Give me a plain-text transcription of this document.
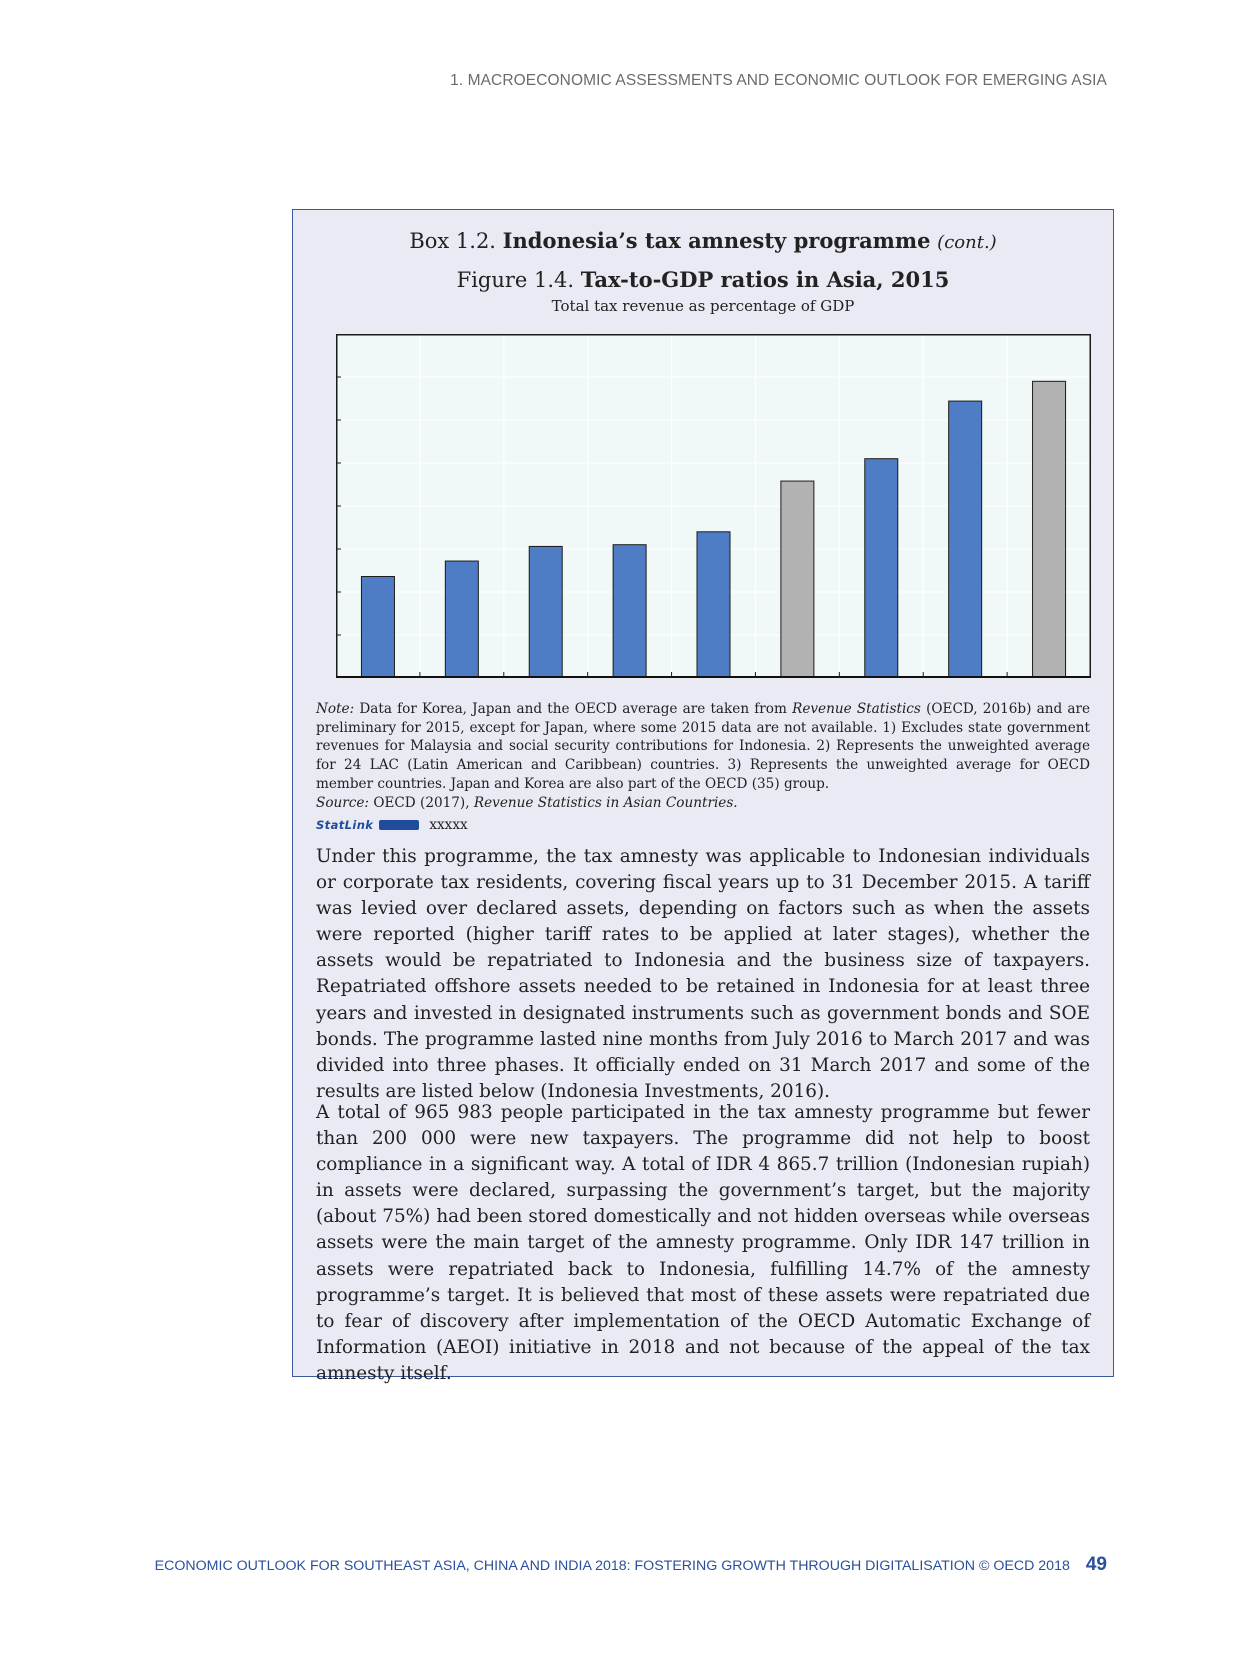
1. MACROECONOMIC ASSESSMENTS AND ECONOMIC OUTLOOK FOR EMERGING ASIA
Box 1.2. Indonesia’s tax amnesty programme (cont.)
Figure 1.4. Tax-to-GDP ratios in Asia, 2015
Total tax revenue as percentage of GDP
Note: Data for Korea, Japan and the OECD average are taken from Revenue Statistics (OECD, 2016b) and are preliminary for 2015, except for Japan, where some 2015 data are not available. 1) Excludes state government revenues for Malaysia and social security contributions for Indonesia. 2) Represents the unweighted average for 24 LAC (Latin American and Caribbean) countries. 3) Represents the unweighted average for OECD member countries. Japan and Korea are also part of the OECD (35) group.
Source: OECD (2017), Revenue Statistics in Asian Countries.
StatLink	xxxxx
Under this programme, the tax amnesty was applicable to Indonesian individuals or corporate tax residents, covering fiscal years up to 31 December 2015. A tariff was levied over declared assets, depending on factors such as when the assets were reported (higher tariff rates to be applied at later stages), whether the assets would be repatriated to Indonesia and the business size of taxpayers. Repatriated offshore assets needed to be retained in Indonesia for at least three years and invested in designated instruments such as government bonds and SOE bonds. The programme lasted nine months from July 2016 to March 2017 and was divided into three phases. It officially ended on 31 March 2017 and some of the results are listed below (Indonesia Investments, 2016).
A total of 965 983 people participated in the tax amnesty programme but fewer than 200 000 were new taxpayers. The programme did not help to boost compliance in a significant way. A total of IDR 4 865.7 trillion (Indonesian rupiah) in assets were declared, surpassing the government’s target, but the majority (about 75%) had been stored domestically and not hidden overseas while overseas assets were the main target of the amnesty programme. Only IDR 147 trillion in assets were repatriated back to Indonesia, fulfilling 14.7% of the amnesty programme’s target. It is believed that most of these assets were repatriated due to fear of discovery after implementation of the OECD Automatic Exchange of Information (AEOI) initiative in 2018 and not because of the appeal of the tax amnesty itself.
ECONOMIC OUTLOOK FOR SOUTHEAST ASIA, CHINA AND INDIA 2018: FOSTERING GROWTH THROUGH DIGITALISATION © OECD 2018 49
